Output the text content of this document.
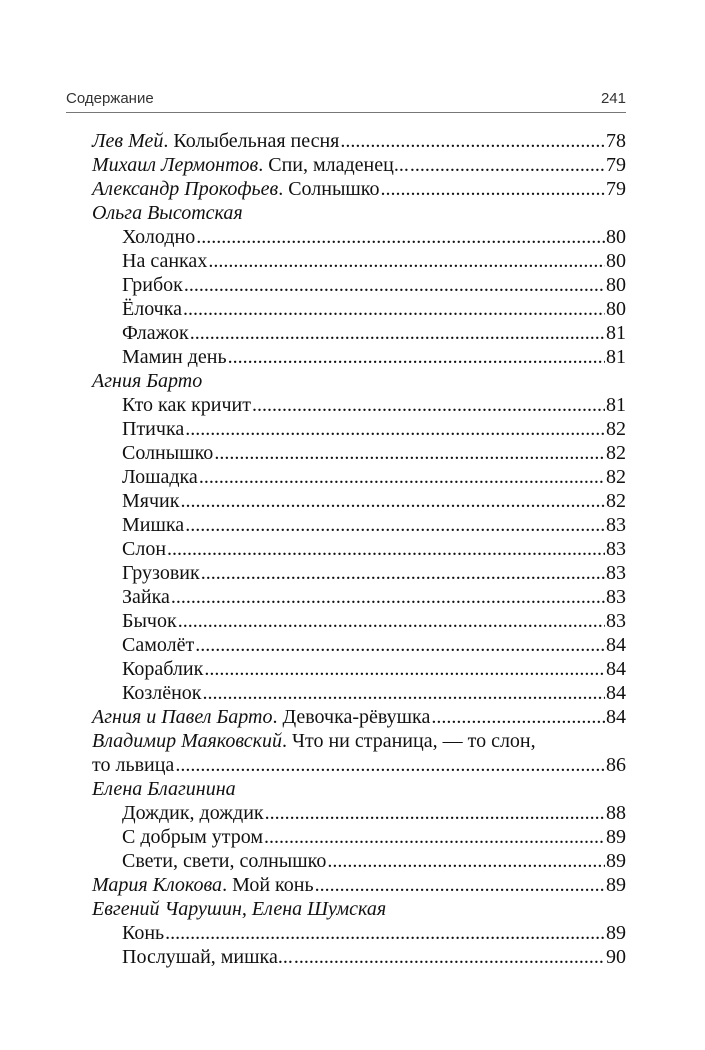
Содержание	241
Лев Мей. Колыбельная песня .....	78
Михаил Лермонтов. Спи, младенец... .....	79
Александр Прокофьев. Солнышко .....	79
Ольга Высотская
Холодно .....	80
На санках .....	80
Грибок .....	80
Ёлочка .....	80
Флажок .....	81
Мамин день .....	81
Агния Барто
Кто как кричит .....	81
Птичка .....	82
Солнышко .....	82
Лошадка .....	82
Мячик .....	82
Мишка .....	83
Слон .....	83
Грузовик .....	83
Зайка .....	83
Бычок .....	83
Самолёт .....	84
Кораблик .....	84
Козлёнок .....	84
Агния и Павел Барто. Девочка-рёвушка .....	84
Владимир Маяковский. Что ни страница, — то слон,
то львица .....	86
Елена Благинина
Дождик, дождик .....	88
С добрым утром .....	89
Свети, свети, солнышко .....	89
Мария Клокова. Мой конь .....	89
Евгений Чарушин, Елена Шумская
Конь .....	89
Послушай, мишка... .....	90
